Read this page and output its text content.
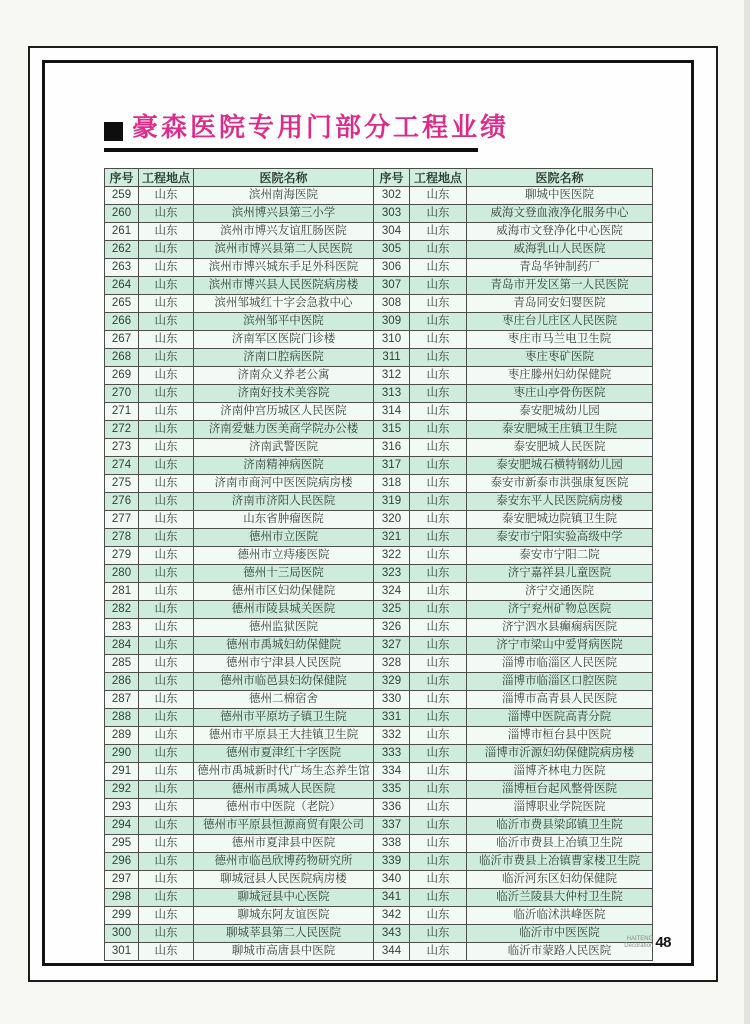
豪森医院专用门部分工程业绩
序号	工程地点	医院名称	序号	工程地点	医院名称
259	山东	滨州南海医院	302	山东	聊城中医医院
260	山东	滨州博兴县第三小学	303	山东	威海文登血液净化服务中心
261	山东	滨州市博兴友谊肛肠医院	304	山东	威海市文登净化中心医院
262	山东	滨州市博兴县第二人民医院	305	山东	威海乳山人民医院
263	山东	滨州市博兴城东手足外科医院	306	山东	青岛华钟制药厂
264	山东	滨州市博兴县人民医院病房楼	307	山东	青岛市开发区第一人民医院
265	山东	滨州邹城红十字会急救中心	308	山东	青岛同安妇婴医院
266	山东	滨州邹平中医院	309	山东	枣庄台儿庄区人民医院
267	山东	济南军区医院门诊楼	310	山东	枣庄市马兰电卫生院
268	山东	济南口腔病医院	311	山东	枣庄枣矿医院
269	山东	济南众义养老公寓	312	山东	枣庄滕州妇幼保健院
270	山东	济南好技术美容院	313	山东	枣庄山亭骨伤医院
271	山东	济南仲宫历城区人民医院	314	山东	泰安肥城幼儿园
272	山东	济南爱魅力医美商学院办公楼	315	山东	泰安肥城王庄镇卫生院
273	山东	济南武警医院	316	山东	泰安肥城人民医院
274	山东	济南精神病医院	317	山东	泰安肥城石横特钢幼儿园
275	山东	济南市商河中医医院病房楼	318	山东	泰安市新泰市洪强康复医院
276	山东	济南市济阳人民医院	319	山东	泰安东平人民医院病房楼
277	山东	山东省肿瘤医院	320	山东	泰安肥城边院镇卫生院
278	山东	德州市立医院	321	山东	泰安市宁阳实验高级中学
279	山东	德州市立痔瘘医院	322	山东	泰安市宁阳二院
280	山东	德州十三局医院	323	山东	济宁嘉祥县儿童医院
281	山东	德州市区妇幼保健院	324	山东	济宁交通医院
282	山东	德州市陵县城关医院	325	山东	济宁兖州矿物总医院
283	山东	德州监狱医院	326	山东	济宁泗水县癫痫病医院
284	山东	德州市禹城妇幼保健院	327	山东	济宁市梁山中爱肾病医院
285	山东	德州市宁津县人民医院	328	山东	淄博市临淄区人民医院
286	山东	德州市临邑县妇幼保健院	329	山东	淄博市临淄区口腔医院
287	山东	德州二棉宿舍	330	山东	淄博市高青县人民医院
288	山东	德州市平原坊子镇卫生院	331	山东	淄博中医院高青分院
289	山东	德州市平原县王大挂镇卫生院	332	山东	淄博市桓台县中医院
290	山东	德州市夏津红十字医院	333	山东	淄博市沂源妇幼保健院病房楼
291	山东	德州市禹城新时代广场生态养生馆	334	山东	淄博齐林电力医院
292	山东	德州市禹城人民医院	335	山东	淄博桓台起风整骨医院
293	山东	德州市中医院（老院）	336	山东	淄博职业学院医院
294	山东	德州市平原县恒源商贸有限公司	337	山东	临沂市费县梁邱镇卫生院
295	山东	德州市夏津县中医院	338	山东	临沂市费县上冶镇卫生院
296	山东	德州市临邑欣博药物研究所	339	山东	临沂市费县上冶镇曹家楼卫生院
297	山东	聊城冠县人民医院病房楼	340	山东	临沂河东区妇幼保健院
298	山东	聊城冠县中心医院	341	山东	临沂兰陵县大仲村卫生院
299	山东	聊城东阿友谊医院	342	山东	临沂临沭洪峰医院
300	山东	聊城莘县第二人民医院	343	山东	临沂市中医医院
301	山东	聊城市高唐县中医院	344	山东	临沂市蒙路人民医院
HAITENG
Decoration 48
